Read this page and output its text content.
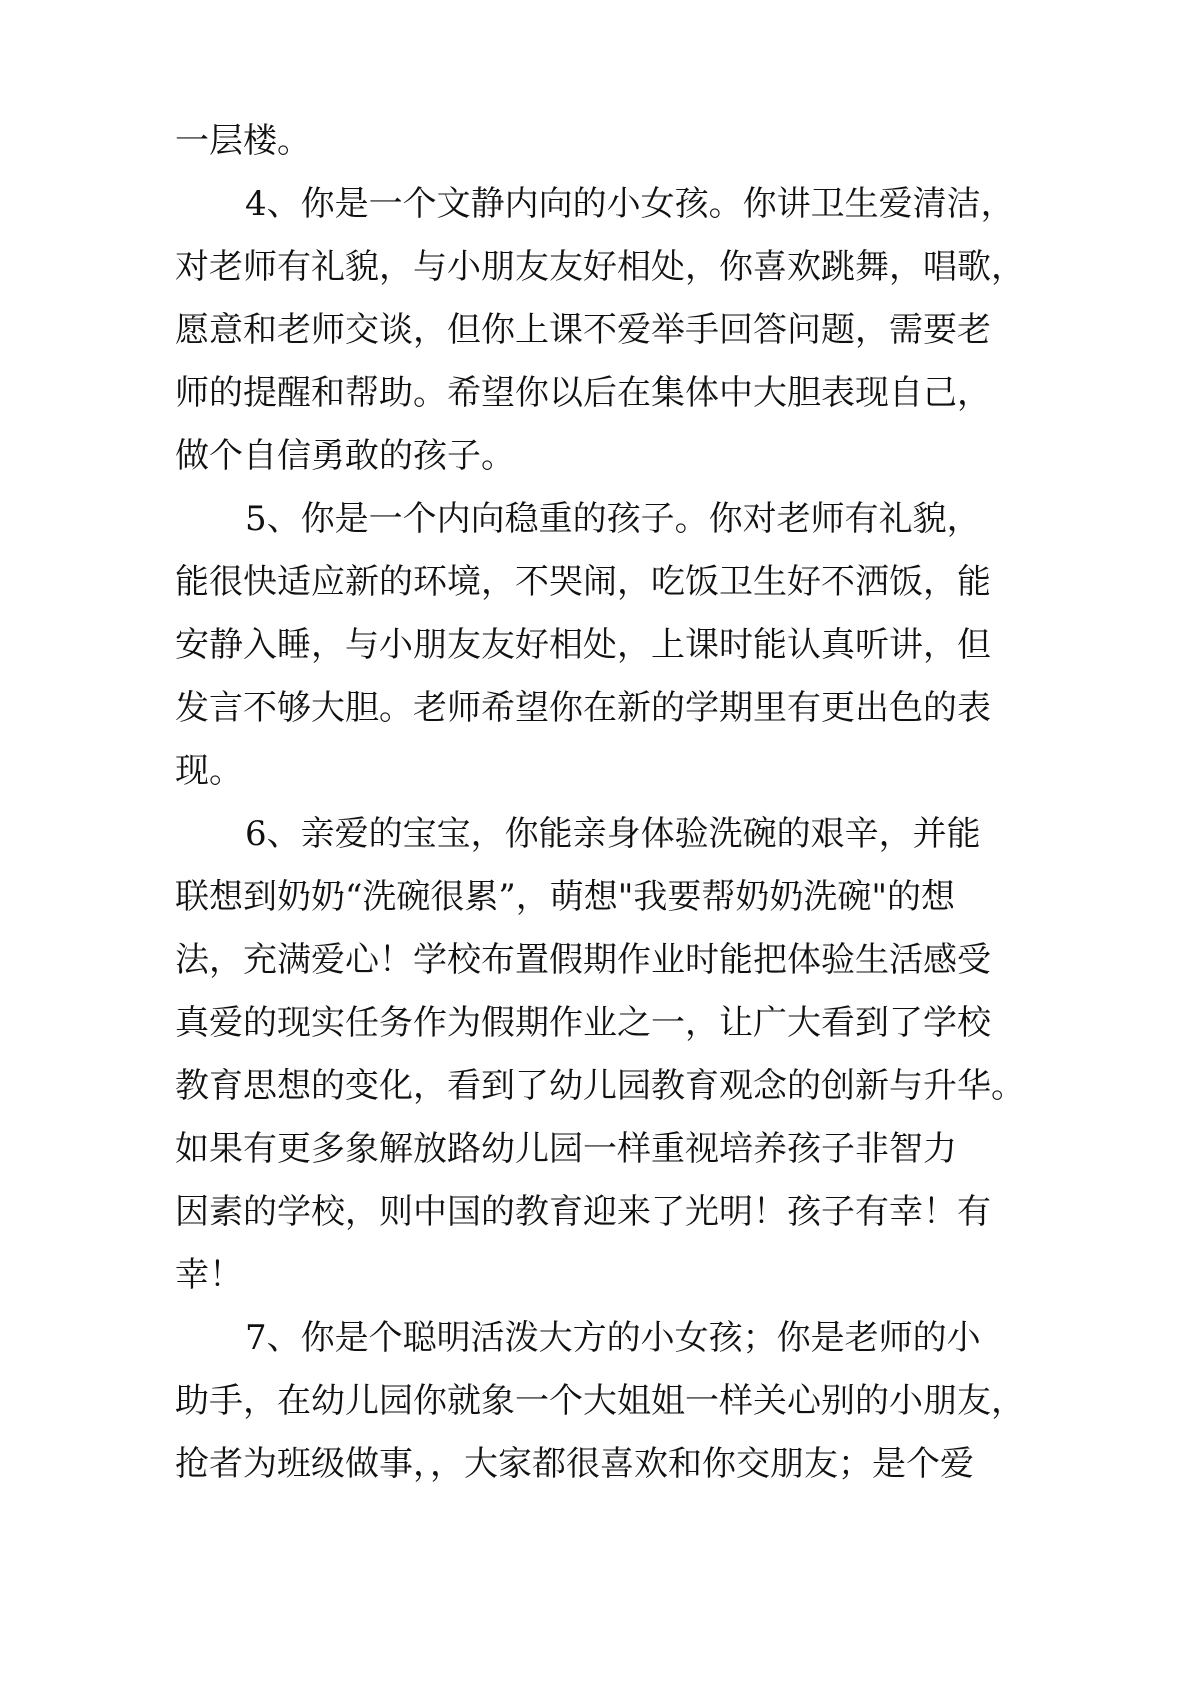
一层楼。
4、你是一个文静内向的小女孩。你讲卫生爱清洁，
对老师有礼貌，与小朋友友好相处，你喜欢跳舞，唱歌，
愿意和老师交谈，但你上课不爱举手回答问题，需要老
师的提醒和帮助。希望你以后在集体中大胆表现自己，
做个自信勇敢的孩子。
5、你是一个内向稳重的孩子。你对老师有礼貌，
能很快适应新的环境，不哭闹，吃饭卫生好不洒饭，能
安静入睡，与小朋友友好相处，上课时能认真听讲，但
发言不够大胆。老师希望你在新的学期里有更出色的表
现。
6、亲爱的宝宝，你能亲身体验洗碗的艰辛，并能
联想到奶奶“洗碗很累”，萌想"我要帮奶奶洗碗"的想
法，充满爱心！学校布置假期作业时能把体验生活感受
真爱的现实任务作为假期作业之一，让广大看到了学校
教育思想的变化，看到了幼儿园教育观念的创新与升华。
如果有更多象解放路幼儿园一样重视培养孩子非智力
因素的学校，则中国的教育迎来了光明！孩子有幸！有
幸！
7、你是个聪明活泼大方的小女孩；你是老师的小
助手，在幼儿园你就象一个大姐姐一样关心别的小朋友，
抢者为班级做事，，大家都很喜欢和你交朋友；是个爱
